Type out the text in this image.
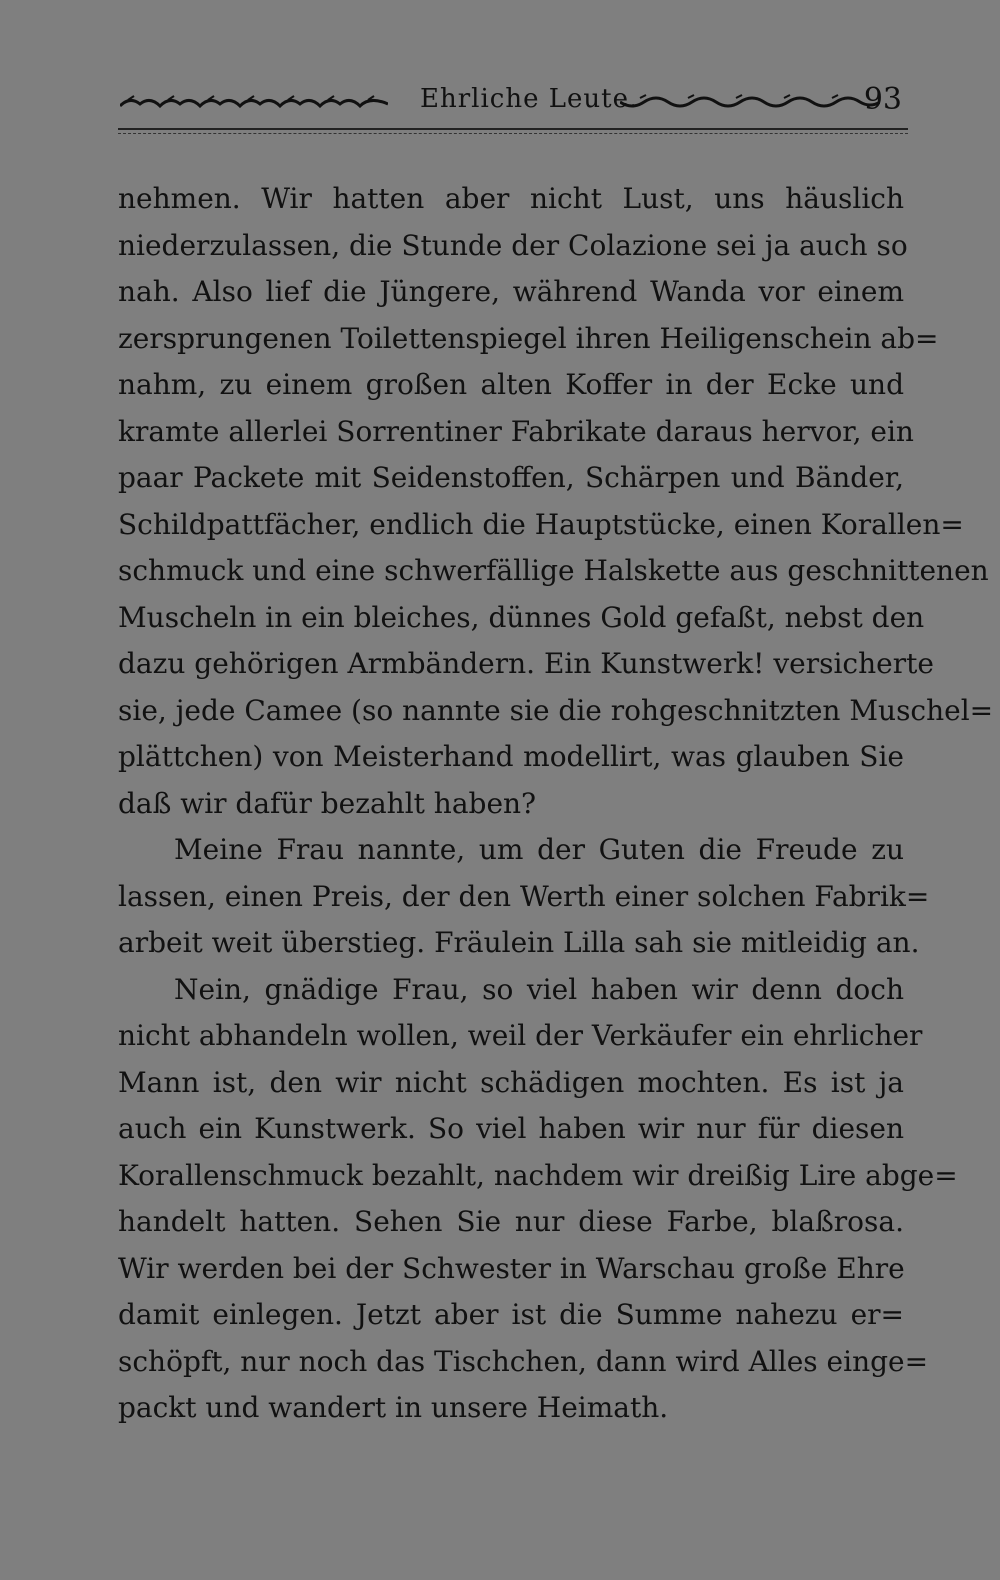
Ehrliche Leute.	93
nehmen. Wir hatten aber nicht Lust, uns häuslich
niederzulassen, die Stunde der Colazione sei ja auch so
nah. Also lief die Jüngere, während Wanda vor einem
zersprungenen Toilettenspiegel ihren Heiligenschein ab=
nahm, zu einem großen alten Koffer in der Ecke und
kramte allerlei Sorrentiner Fabrikate daraus hervor, ein
paar Packete mit Seidenstoffen, Schärpen und Bänder,
Schildpattfächer, endlich die Hauptstücke, einen Korallen=
schmuck und eine schwerfällige Halskette aus geschnittenen
Muscheln in ein bleiches, dünnes Gold gefaßt, nebst den
dazu gehörigen Armbändern. Ein Kunstwerk! versicherte
sie, jede Camee (so nannte sie die rohgeschnitzten Muschel=
plättchen) von Meisterhand modellirt, was glauben Sie
daß wir dafür bezahlt haben?
Meine Frau nannte, um der Guten die Freude zu
lassen, einen Preis, der den Werth einer solchen Fabrik=
arbeit weit überstieg. Fräulein Lilla sah sie mitleidig an.
Nein, gnädige Frau, so viel haben wir denn doch
nicht abhandeln wollen, weil der Verkäufer ein ehrlicher
Mann ist, den wir nicht schädigen mochten. Es ist ja
auch ein Kunstwerk. So viel haben wir nur für diesen
Korallenschmuck bezahlt, nachdem wir dreißig Lire abge=
handelt hatten. Sehen Sie nur diese Farbe, blaßrosa.
Wir werden bei der Schwester in Warschau große Ehre
damit einlegen. Jetzt aber ist die Summe nahezu er=
schöpft, nur noch das Tischchen, dann wird Alles einge=
packt und wandert in unsere Heimath.
